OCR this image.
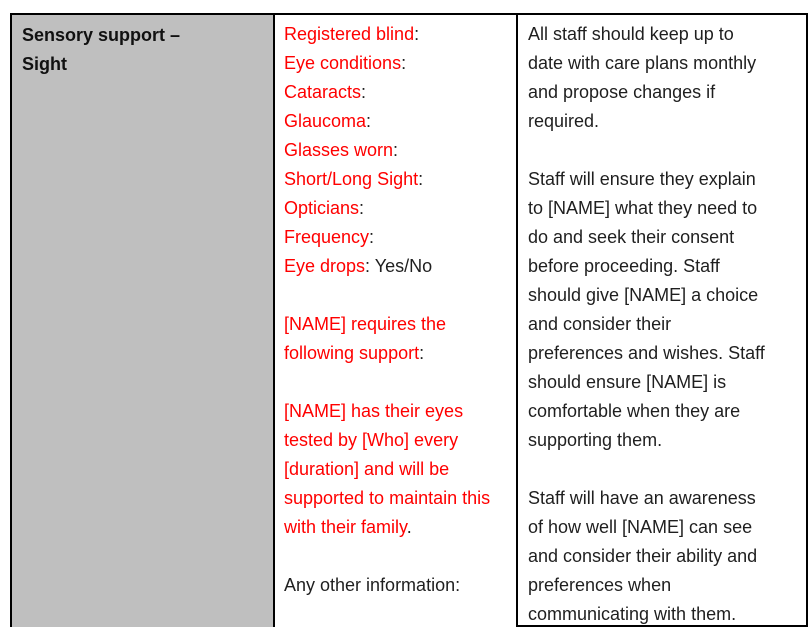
Sensory support –
Sight
Registered blind:
Eye conditions:
Cataracts:
Glaucoma:
Glasses worn:
Short/Long Sight:
Opticians:
Frequency:
Eye drops: Yes/No
[NAME] requires the following support:
[NAME] has their eyes tested by [Who] every [duration] and will be supported to maintain this with their family.
Any other information:
All staff should keep up to date with care plans monthly and propose changes if required.
Staff will ensure they explain to [NAME] what they need to do and seek their consent before proceeding. Staff should give [NAME] a choice and consider their preferences and wishes. Staff should ensure [NAME] is comfortable when they are supporting them.
Staff will have an awareness of how well [NAME] can see and consider their ability and preferences when communicating with them.
